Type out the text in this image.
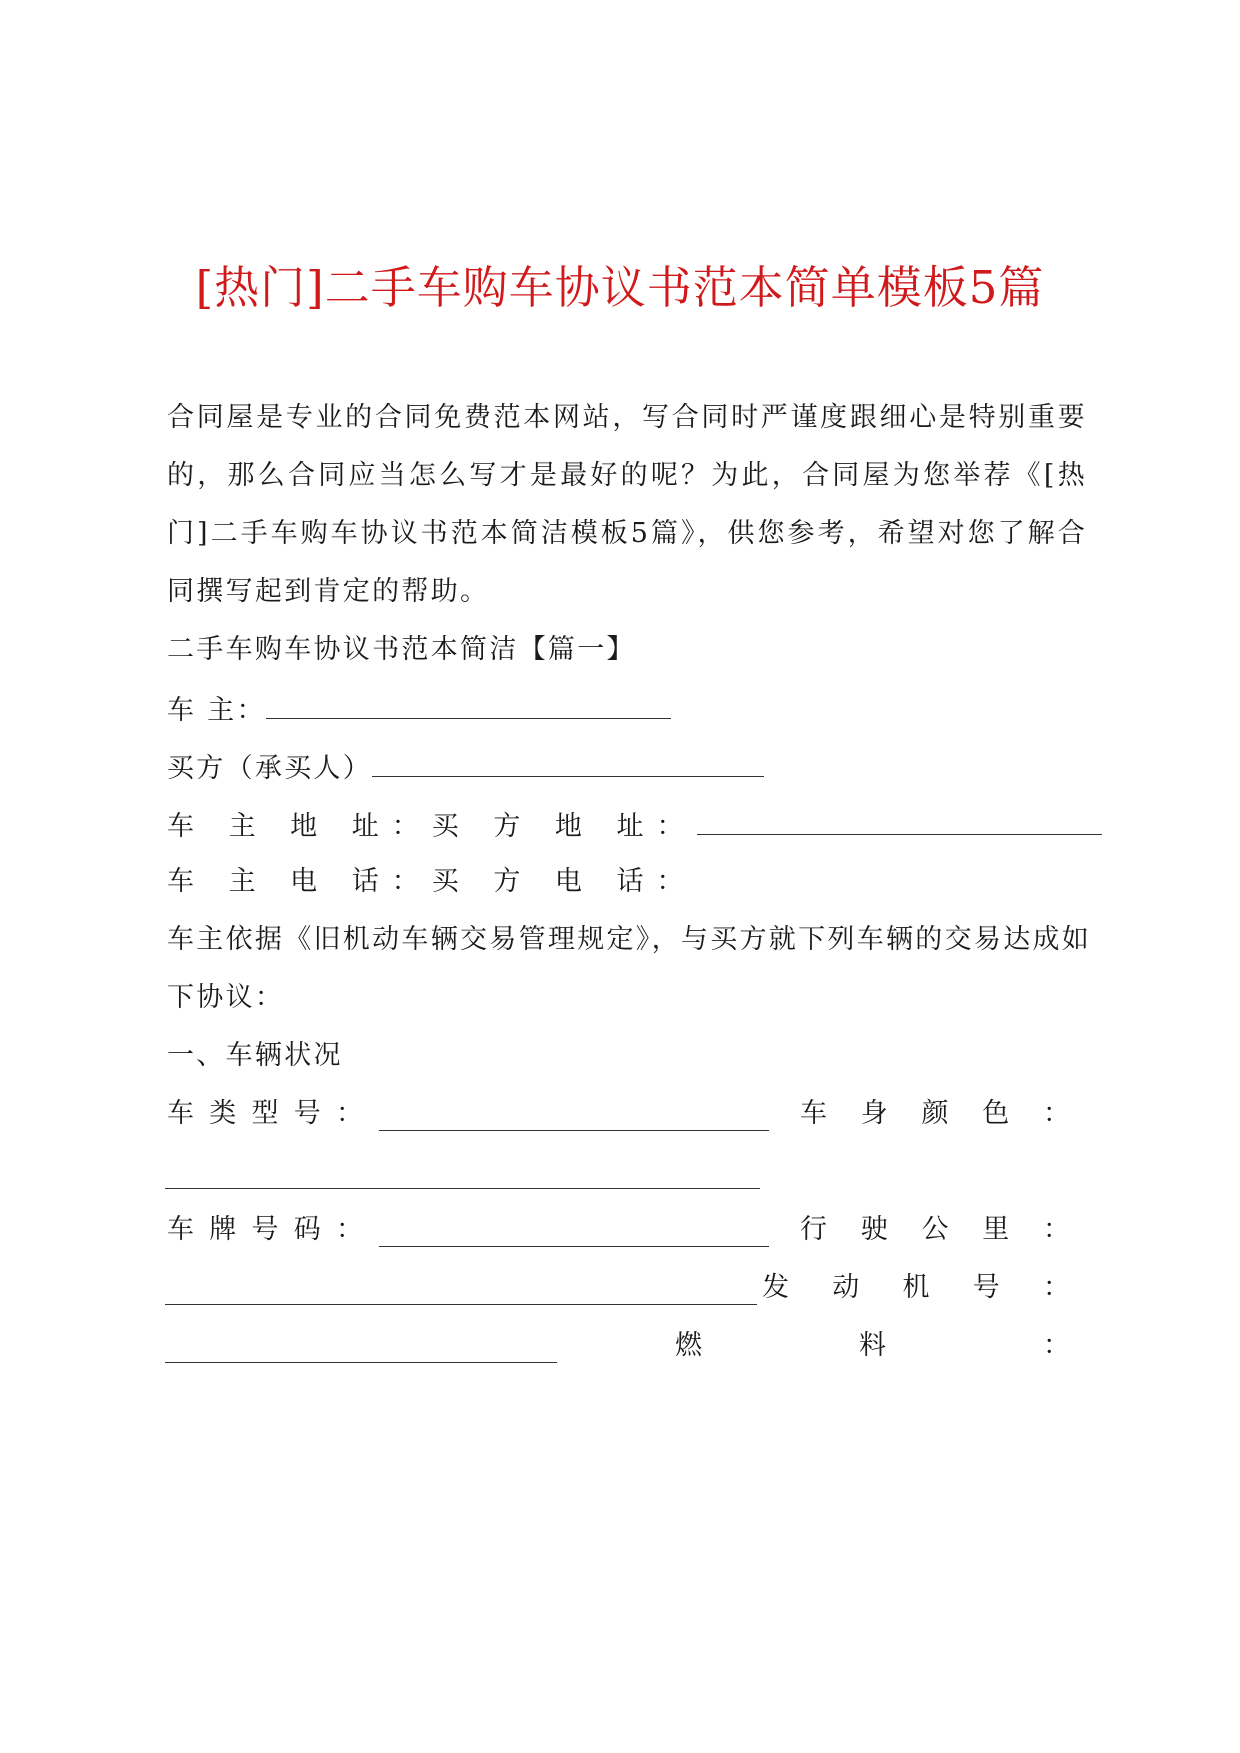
[热门]二手车购车协议书范本简单模板5篇
合同屋是专业的合同免费范本网站，写合同时严谨度跟细心是特别重要
的，那么合同应当怎么写才是最好的呢？为此，合同屋为您举荐《[热
门]二手车购车协议书范本简洁模板5篇》，供您参考，希望对您了解合
同撰写起到肯定的帮助。
二手车购车协议书范本简洁【篇一】
车 主：
买方（承买人）
车 主 地 址：买 方 地 址：
车 主 电 话：买 方 电 话：
车主依据《旧机动车辆交易管理规定》，与买方就下列车辆的交易达成如
下协议：
一、车辆状况
车 类 型 号 ：	车 身 颜 色 ：
车 牌 号 码 ：	行 驶 公 里 ：
发 动 机 号 ：
燃	料	：
